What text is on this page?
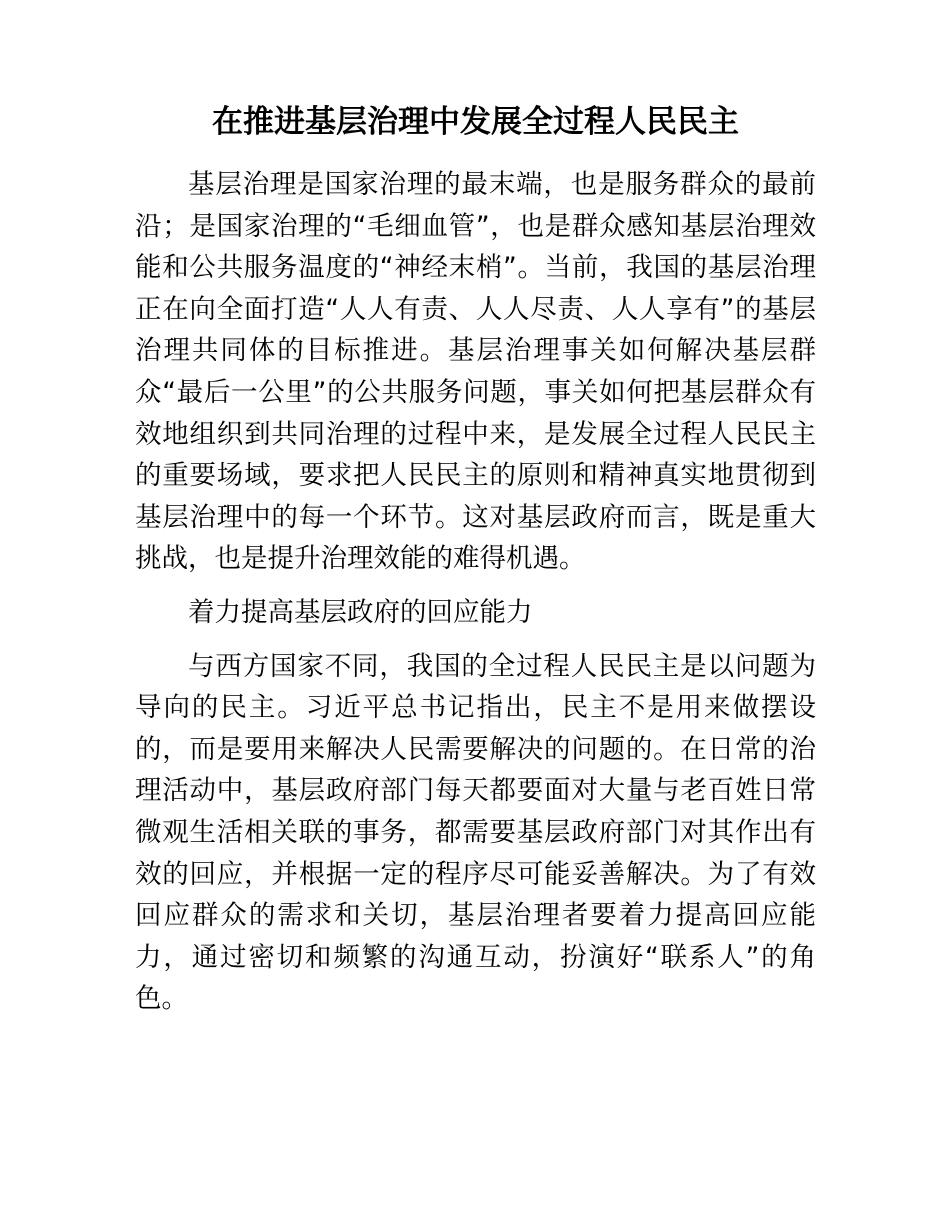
在推进基层治理中发展全过程人民民主

基层治理是国家治理的最末端，也是服务群众的最前沿；是国家治理的“毛细血管”，也是群众感知基层治理效能和公共服务温度的“神经末梢”。当前，我国的基层治理正在向全面打造“人人有责、人人尽责、人人享有”的基层治理共同体的目标推进。基层治理事关如何解决基层群众“最后一公里”的公共服务问题，事关如何把基层群众有效地组织到共同治理的过程中来，是发展全过程人民民主的重要场域，要求把人民民主的原则和精神真实地贯彻到基层治理中的每一个环节。这对基层政府而言，既是重大挑战，也是提升治理效能的难得机遇。

着力提高基层政府的回应能力

与西方国家不同，我国的全过程人民民主是以问题为导向的民主。习近平总书记指出，民主不是用来做摆设的，而是要用来解决人民需要解决的问题的。在日常的治理活动中，基层政府部门每天都要面对大量与老百姓日常微观生活相关联的事务，都需要基层政府部门对其作出有效的回应，并根据一定的程序尽可能妥善解决。为了有效回应群众的需求和关切，基层治理者要着力提高回应能力，通过密切和频繁的沟通互动，扮演好“联系人”的角色。
